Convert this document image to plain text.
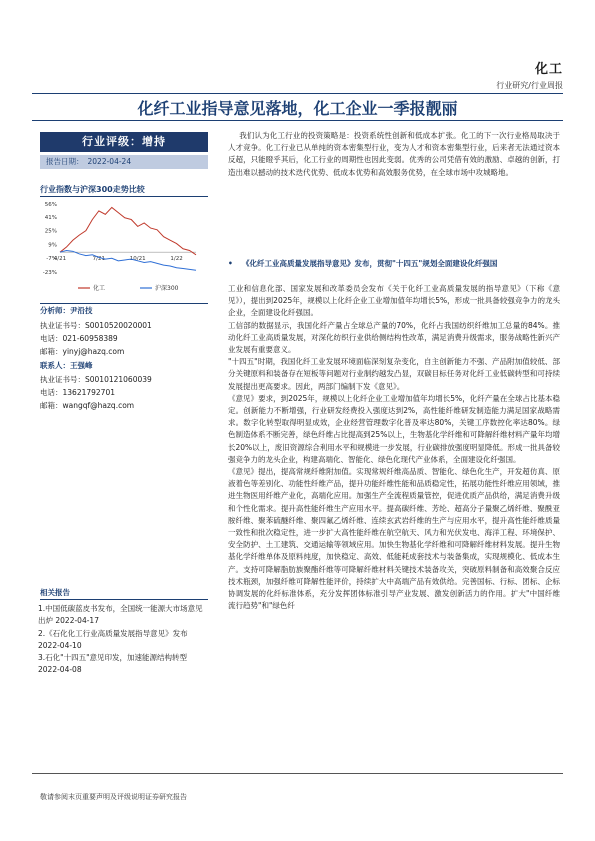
化工
行业研究/行业周报
化纤工业指导意见落地，化工企业一季报靓丽
行业评级：增持
报告日期： 2022-04-24
行业指数与沪深300走势比较
56%
41%
25%
9%
-7%
-23%
4/21	7/21	10/21	1/22
化工	沪深300
分析师：尹沿技
执业证书号：S0010520020001
电话：021-60958389
邮箱：yinyj@hazq.com
联系人：王强峰
执业证书号：S0010121060039
电话：13621792701
邮箱：wangqf@hazq.com
相关报告
1.中国低碳蓝皮书发布，全国统一能源大市场意见出炉 2022-04-17
2.《石化化工行业高质量发展指导意见》发布 2022-04-10
3.石化"十四五"意见印发，加速能源结构转型 2022-04-08

我们认为化工行业的投资策略是：投资系统性创新和低成本扩张。化工的下一次行业格局取决于人才竞争。化工行业已从单纯的资本密集型行业，变为人才和资本密集型行业，后来者无法通过资本反超，只能瞪乎其后，化工行业的周期性也因此变弱。优秀的公司凭借有效的激励、卓越的创新，打造出难以撼动的技术迭代优势、低成本优势和高效服务优势，在全球市场中攻城略地。

• 《化纤工业高质量发展指导意见》发布，贯彻"十四五"规划全面建设化纤强国

工业和信息化部、国家发展和改革委员会发布《关于化纤工业高质量发展的指导意见》（下称《意见》），提出到2025年，规模以上化纤企业工业增加值年均增长5%，形成一批具备较强竞争力的龙头企业，全面建设化纤强国。

工信部的数据显示，我国化纤产量占全球总产量的70%，化纤占我国纺织纤维加工总量的84%。推动化纤工业高质量发展，对深化纺织行业供给侧结构性改革，满足消费升级需求，服务战略性新兴产业发展有重要意义。

"十四五"时期，我国化纤工业发展环境面临深刻复杂变化，自主创新能力不强、产品附加值较低、部分关键原料和装备存在短板等问题对行业制约越发凸显，双碳目标任务对化纤工业低碳转型和可持续发展提出更高要求。因此，两部门编制下发《意见》。

《意见》要求，到2025年，规模以上化纤企业工业增加值年均增长5%，化纤产量在全球占比基本稳定。创新能力不断增强，行业研发经费投入强度达到2%，高性能纤维研发制造能力满足国家战略需求。数字化转型取得明显成效，企业经营管理数字化普及率达80%，关键工序数控化率达80%。绿色制造体系不断完善，绿色纤维占比提高到25%以上，生物基化学纤维和可降解纤维材料产量年均增长20%以上，废旧资源综合利用水平和规模进一步发展，行业碳排放强度明显降低。形成一批具备较强竞争力的龙头企业，构建高端化、智能化、绿色化现代产业体系，全面建设化纤强国。

《意见》提出，提高常规纤维附加值。实现常规纤维高品质、智能化、绿色化生产，开发超仿真、原液着色等差别化、功能性纤维产品，提升功能纤维性能和品质稳定性，拓展功能性纤维应用领域，推进生物医用纤维产业化，高端化应用。加强生产全流程质量管控，促进优质产品供给，满足消费升级和个性化需求。提升高性能纤维生产应用水平。提高碳纤维、芳纶、超高分子量聚乙烯纤维、聚酰亚胺纤维、聚苯硫醚纤维、聚四氟乙烯纤维、连续玄武岩纤维的生产与应用水平，提升高性能纤维质量一致性和批次稳定性，进一步扩大高性能纤维在航空航天、风力和光伏发电、海洋工程、环境保护、安全防护、土工建筑、交通运输等领域应用。加快生物基化学纤维和可降解纤维材料发展。提升生物基化学纤维单体及原料纯度，加快稳定、高效、低能耗成套技术与装备集成，实现规模化、低成本生产。支持可降解脂肪族聚酯纤维等可降解纤维材料关键技术装备攻关，突破原料制备和高效聚合反应技术瓶颈，加强纤维可降解性能评价，持续扩大中高端产品有效供给。完善国标、行标、团标、企标协调发展的化纤标准体系，充分发挥团体标准引导产业发展、激发创新活力的作用。扩大"中国纤维流行趋势"和"绿色纤

敬请参阅末页重要声明及评级说明证券研究报告
